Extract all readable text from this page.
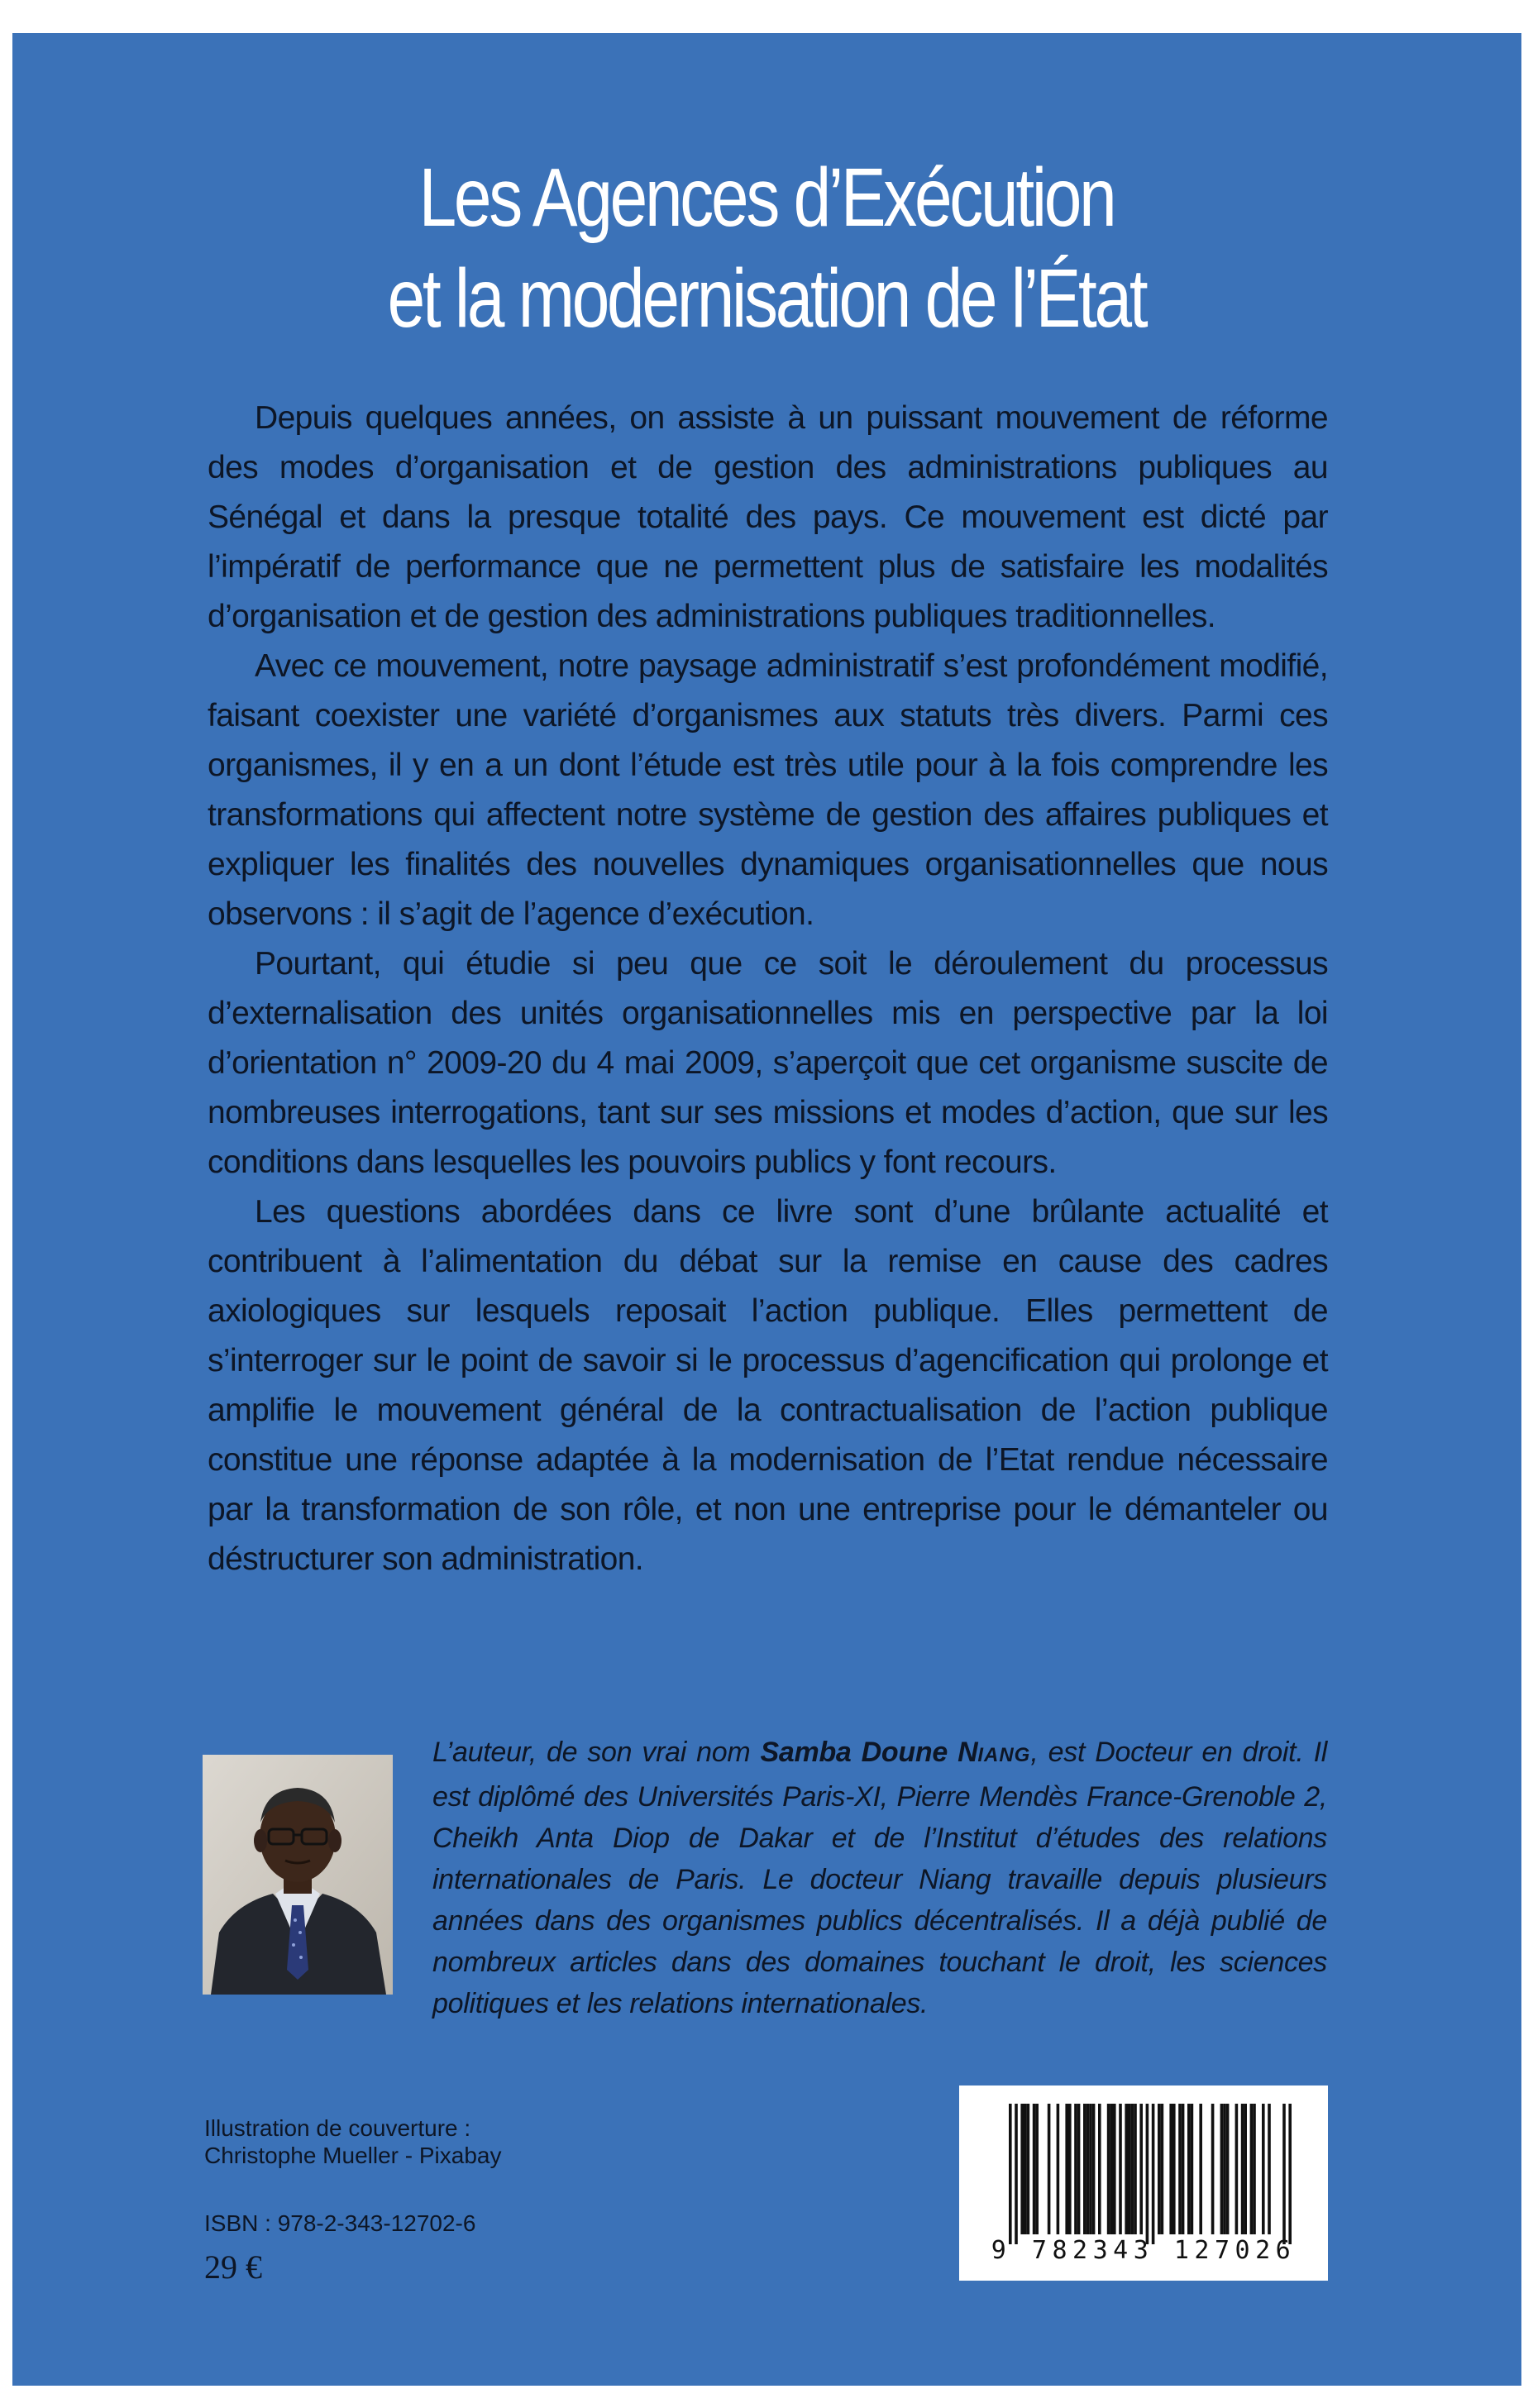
Les Agences d’Exécution
et la modernisation de l’État

Depuis quelques années, on assiste à un puissant mouvement de réforme des modes d’organisation et de gestion des administrations publiques au Sénégal et dans la presque totalité des pays. Ce mouvement est dicté par l’impératif de performance que ne permettent plus de satisfaire les modalités d’organisation et de gestion des administrations publiques traditionnelles.

Avec ce mouvement, notre paysage administratif s’est profondément modifié, faisant coexister une variété d’organismes aux statuts très divers. Parmi ces organismes, il y en a un dont l’étude est très utile pour à la fois comprendre les transformations qui affectent notre système de gestion des affaires publiques et expliquer les finalités des nouvelles dynamiques organisationnelles que nous observons : il s’agit de l’agence d’exécution.

Pourtant, qui étudie si peu que ce soit le déroulement du processus d’externalisation des unités organisationnelles mis en perspective par la loi d’orientation n° 2009-20 du 4 mai 2009, s’aperçoit que cet organisme suscite de nombreuses interrogations, tant sur ses missions et modes d’action, que sur les conditions dans lesquelles les pouvoirs publics y font recours.

Les questions abordées dans ce livre sont d’une brûlante actualité et contribuent à l’alimentation du débat sur la remise en cause des cadres axiologiques sur lesquels reposait l’action publique. Elles permettent de s’interroger sur le point de savoir si le processus d’agencification qui prolonge et amplifie le mouvement général de la contractualisation de l’action publique constitue une réponse adaptée à la modernisation de l’Etat rendue nécessaire par la transformation de son rôle, et non une entreprise pour le démanteler ou déstructurer son administration.

L’auteur, de son vrai nom Samba Doune NIANG, est Docteur en droit. Il est diplômé des Universités Paris-XI, Pierre Mendès France-Grenoble 2, Cheikh Anta Diop de Dakar et de l’Institut d’études des relations internationales de Paris. Le docteur Niang travaille depuis plusieurs années dans des organismes publics décentralisés. Il a déjà publié de nombreux articles dans des domaines touchant le droit, les sciences politiques et les relations internationales.
Illustration de couverture :
Christophe Mueller - Pixabay
ISBN : 978-2-343-12702-6
29 €	9 782343 127026
